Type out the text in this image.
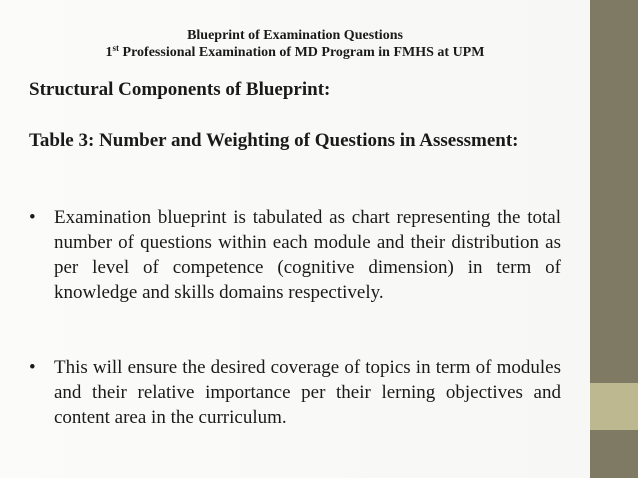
Blueprint of Examination Questions
1st Professional Examination of MD Program in FMHS at UPM
Structural Components of Blueprint:
Table 3: Number and Weighting of Questions in Assessment:
• Examination blueprint is tabulated as chart representing the total number of questions within each module and their distribution as per level of competence (cognitive dimension) in term of knowledge and skills domains respectively.
• This will ensure the desired coverage of topics in term of modules and their relative importance per their lerning objectives and content area in the curriculum.
